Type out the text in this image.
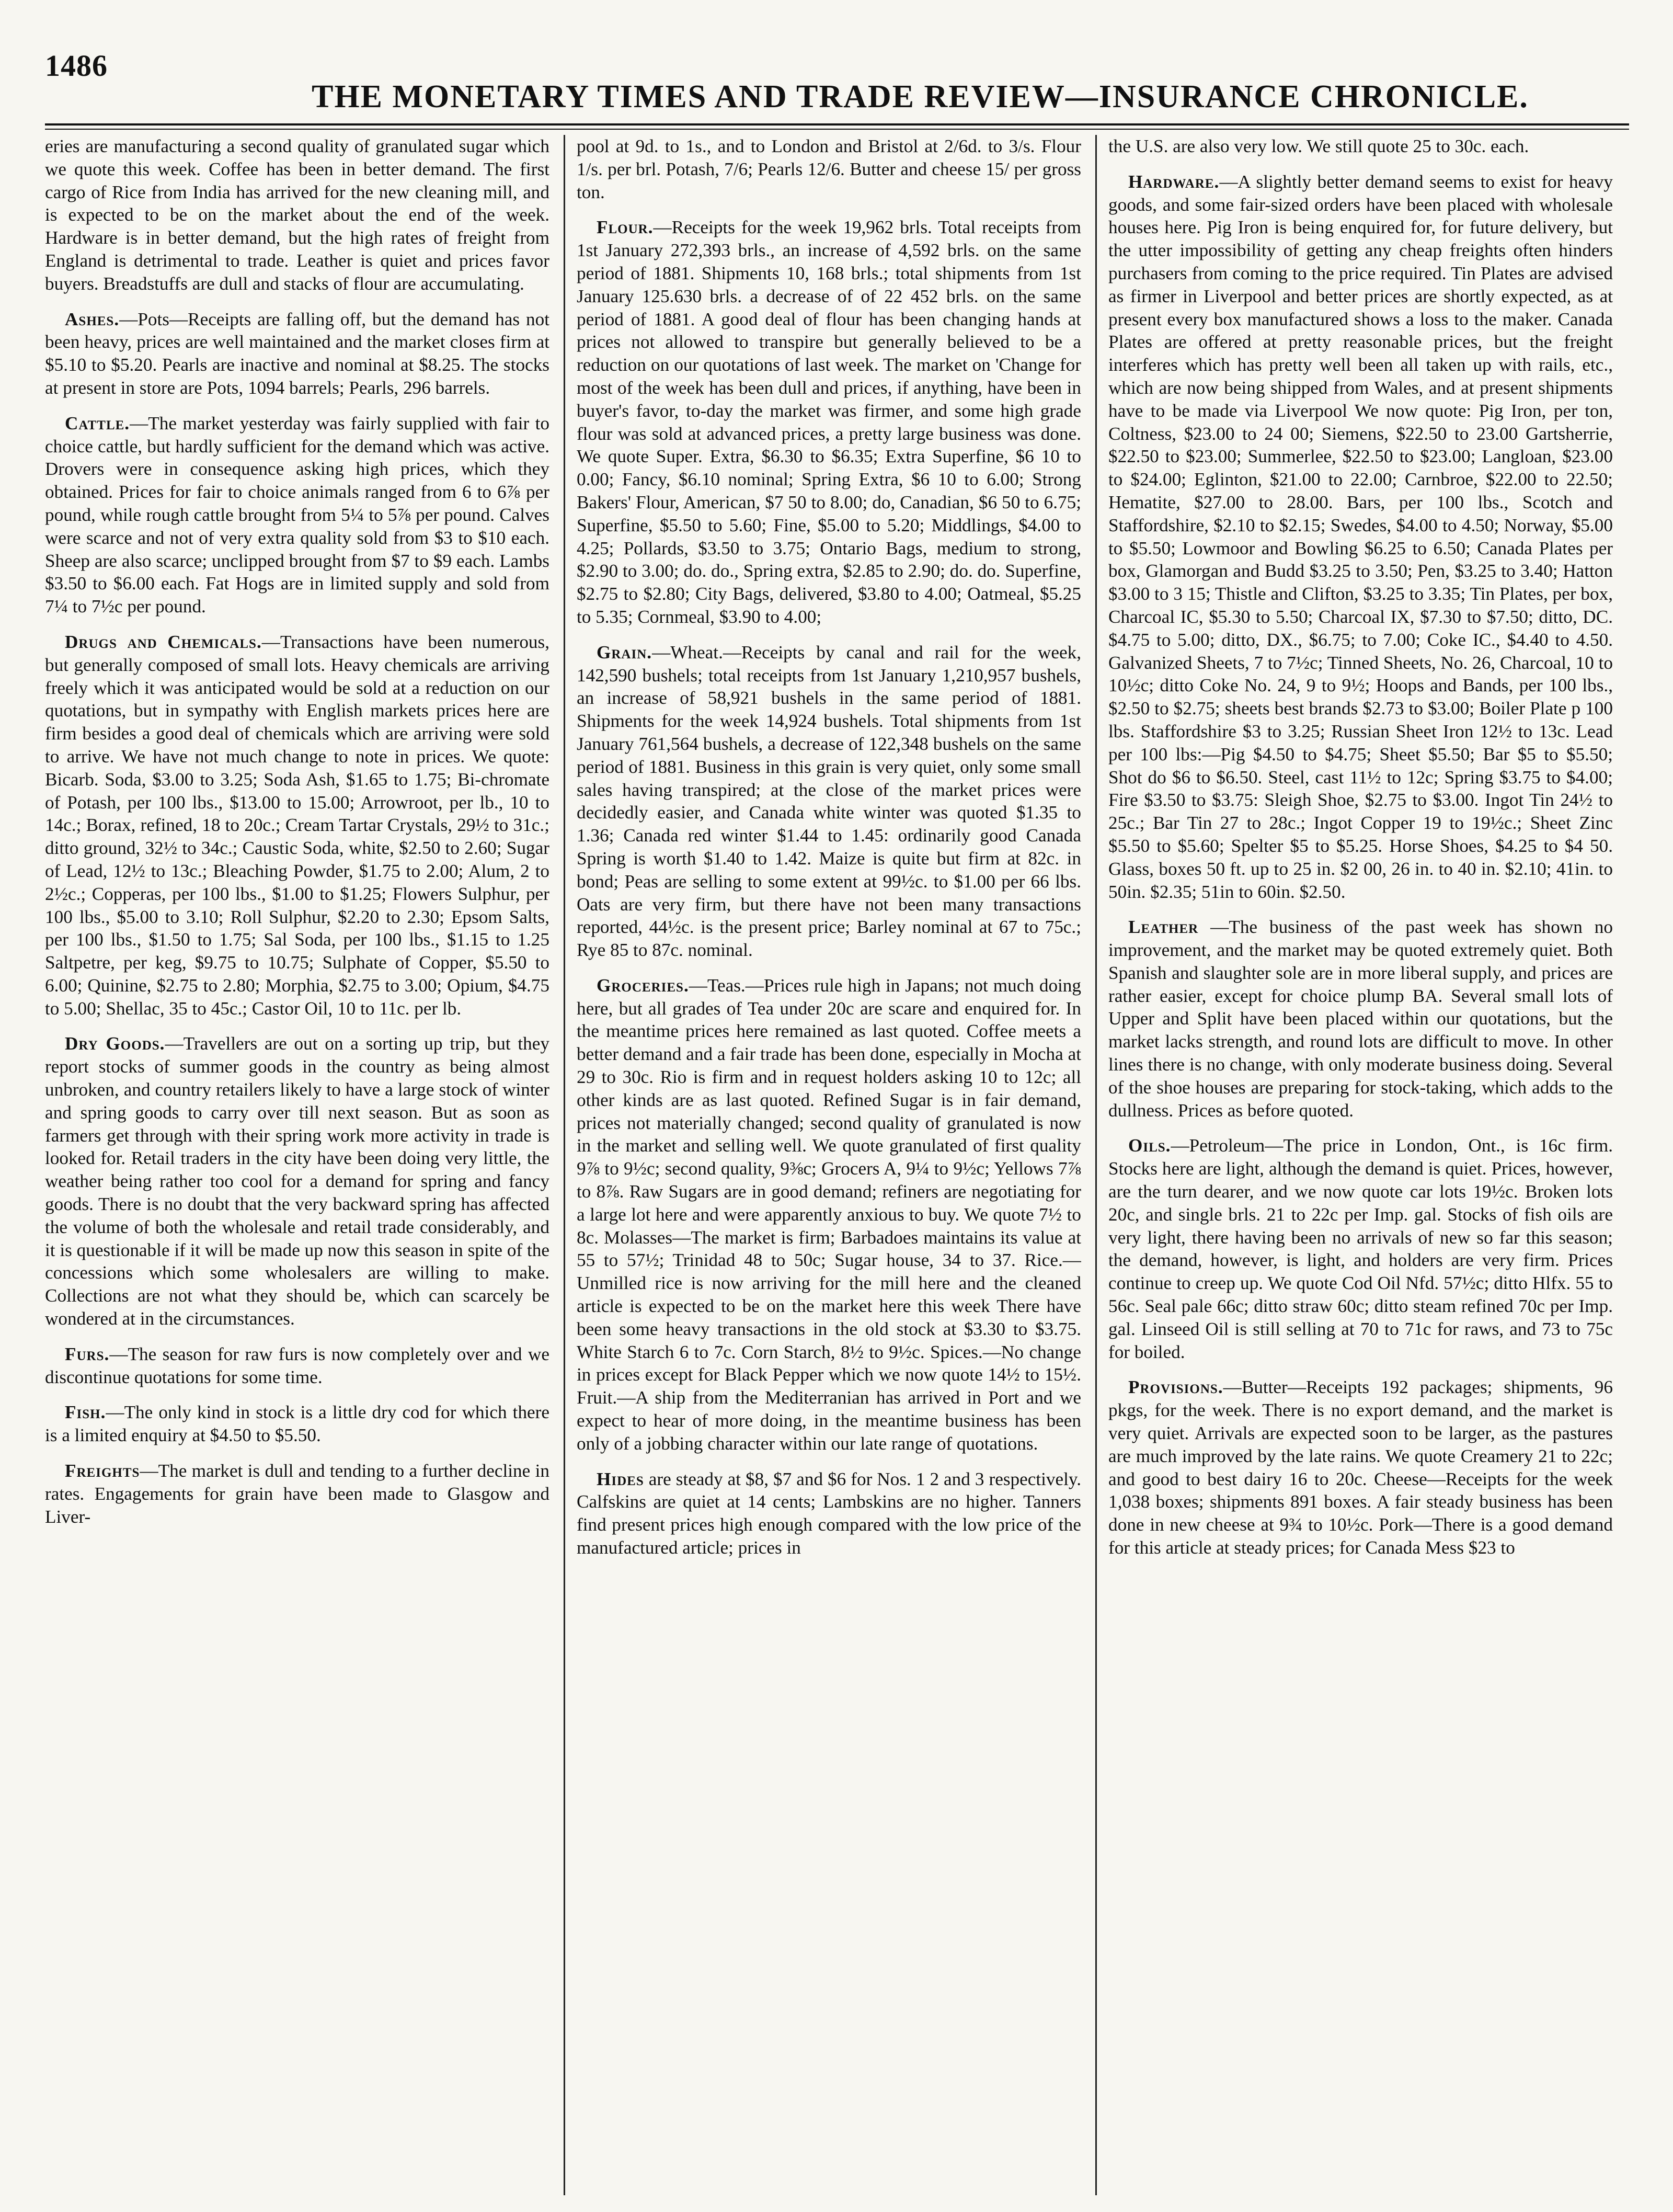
1486
THE MONETARY TIMES AND TRADE REVIEW—INSURANCE CHRONICLE.

eries are manufacturing a second quality of granulated sugar which we quote this week. Coffee has been in better demand. The first cargo of Rice from India has arrived for the new cleaning mill, and is expected to be on the market about the end of the week. Hardware is in better demand, but the high rates of freight from England is detrimental to trade. Leather is quiet and prices favor buyers. Breadstuffs are dull and stacks of flour are accumulating.

Ashes.—Pots—Receipts are falling off, but the demand has not been heavy, prices are well maintained and the market closes firm at $5.10 to $5.20. Pearls are inactive and nominal at $8.25. The stocks at present in store are Pots, 1094 barrels; Pearls, 296 barrels.

Cattle.—The market yesterday was fairly supplied with fair to choice cattle, but hardly sufficient for the demand which was active. Drovers were in consequence asking high prices, which they obtained. Prices for fair to choice animals ranged from 6 to 6⅞ per pound, while rough cattle brought from 5¼ to 5⅞ per pound. Calves were scarce and not of very extra quality sold from $3 to $10 each. Sheep are also scarce; unclipped brought from $7 to $9 each. Lambs $3.50 to $6.00 each. Fat Hogs are in limited supply and sold from 7¼ to 7½c per pound.

Drugs and Chemicals.—Transactions have been numerous, but generally composed of small lots. Heavy chemicals are arriving freely which it was anticipated would be sold at a reduction on our quotations, but in sympathy with English markets prices here are firm besides a good deal of chemicals which are arriving were sold to arrive. We have not much change to note in prices. We quote: Bicarb. Soda, $3.00 to 3.25; Soda Ash, $1.65 to 1.75; Bi-chromate of Potash, per 100 lbs., $13.00 to 15.00; Arrowroot, per lb., 10 to 14c.; Borax, refined, 18 to 20c.; Cream Tartar Crystals, 29½ to 31c.; ditto ground, 32½ to 34c.; Caustic Soda, white, $2.50 to 2.60; Sugar of Lead, 12½ to 13c.; Bleaching Powder, $1.75 to 2.00; Alum, 2 to 2½c.; Copperas, per 100 lbs., $1.00 to $1.25; Flowers Sulphur, per 100 lbs., $5.00 to 3.10; Roll Sulphur, $2.20 to 2.30; Epsom Salts, per 100 lbs., $1.50 to 1.75; Sal Soda, per 100 lbs., $1.15 to 1.25 Saltpetre, per keg, $9.75 to 10.75; Sulphate of Copper, $5.50 to 6.00; Quinine, $2.75 to 2.80; Morphia, $2.75 to 3.00; Opium, $4.75 to 5.00; Shellac, 35 to 45c.; Castor Oil, 10 to 11c. per lb.

Dry Goods.—Travellers are out on a sorting up trip, but they report stocks of summer goods in the country as being almost unbroken, and country retailers likely to have a large stock of winter and spring goods to carry over till next season. But as soon as farmers get through with their spring work more activity in trade is looked for. Retail traders in the city have been doing very little, the weather being rather too cool for a demand for spring and fancy goods. There is no doubt that the very backward spring has affected the volume of both the wholesale and retail trade considerably, and it is questionable if it will be made up now this season in spite of the concessions which some wholesalers are willing to make. Collections are not what they should be, which can scarcely be wondered at in the circumstances.

Furs.—The season for raw furs is now completely over and we discontinue quotations for some time.

Fish.—The only kind in stock is a little dry cod for which there is a limited enquiry at $4.50 to $5.50.

Freights—The market is dull and tending to a further decline in rates. Engagements for grain have been made to Glasgow and Liver-

pool at 9d. to 1s., and to London and Bristol at 2/6d. to 3/s. Flour 1/s. per brl. Potash, 7/6; Pearls 12/6. Butter and cheese 15/ per gross ton.

Flour.—Receipts for the week 19,962 brls. Total receipts from 1st January 272,393 brls., an increase of 4,592 brls. on the same period of 1881. Shipments 10, 168 brls.; total shipments from 1st January 125.630 brls. a decrease of of 22 452 brls. on the same period of 1881. A good deal of flour has been changing hands at prices not allowed to transpire but generally believed to be a reduction on our quotations of last week. The market on 'Change for most of the week has been dull and prices, if anything, have been in buyer's favor, to-day the market was firmer, and some high grade flour was sold at advanced prices, a pretty large business was done. We quote Super. Extra, $6.30 to $6.35; Extra Superfine, $6 10 to 0.00; Fancy, $6.10 nominal; Spring Extra, $6 10 to 6.00; Strong Bakers' Flour, American, $7 50 to 8.00; do, Canadian, $6 50 to 6.75; Superfine, $5.50 to 5.60; Fine, $5.00 to 5.20; Middlings, $4.00 to 4.25; Pollards, $3.50 to 3.75; Ontario Bags, medium to strong, $2.90 to 3.00; do. do., Spring extra, $2.85 to 2.90; do. do. Superfine, $2.75 to $2.80; City Bags, delivered, $3.80 to 4.00; Oatmeal, $5.25 to 5.35; Cornmeal, $3.90 to 4.00;

Grain.—Wheat.—Receipts by canal and rail for the week, 142,590 bushels; total receipts from 1st January 1,210,957 bushels, an increase of 58,921 bushels in the same period of 1881. Shipments for the week 14,924 bushels. Total shipments from 1st January 761,564 bushels, a decrease of 122,348 bushels on the same period of 1881. Business in this grain is very quiet, only some small sales having transpired; at the close of the market prices were decidedly easier, and Canada white winter was quoted $1.35 to 1.36; Canada red winter $1.44 to 1.45: ordinarily good Canada Spring is worth $1.40 to 1.42. Maize is quite but firm at 82c. in bond; Peas are selling to some extent at 99½c. to $1.00 per 66 lbs. Oats are very firm, but there have not been many transactions reported, 44½c. is the present price; Barley nominal at 67 to 75c.; Rye 85 to 87c. nominal.

Groceries.—Teas.—Prices rule high in Japans; not much doing here, but all grades of Tea under 20c are scare and enquired for. In the meantime prices here remained as last quoted. Coffee meets a better demand and a fair trade has been done, especially in Mocha at 29 to 30c. Rio is firm and in request holders asking 10 to 12c; all other kinds are as last quoted. Refined Sugar is in fair demand, prices not materially changed; second quality of granulated is now in the market and selling well. We quote granulated of first quality 9⅞ to 9½c; second quality, 9⅜c; Grocers A, 9¼ to 9½c; Yellows 7⅞ to 8⅞. Raw Sugars are in good demand; refiners are negotiating for a large lot here and were apparently anxious to buy. We quote 7½ to 8c. Molasses—The market is firm; Barbadoes maintains its value at 55 to 57½; Trinidad 48 to 50c; Sugar house, 34 to 37. Rice.—Unmilled rice is now arriving for the mill here and the cleaned article is expected to be on the market here this week There have been some heavy transactions in the old stock at $3.30 to $3.75. White Starch 6 to 7c. Corn Starch, 8½ to 9½c. Spices.—No change in prices except for Black Pepper which we now quote 14½ to 15½. Fruit.—A ship from the Mediterranian has arrived in Port and we expect to hear of more doing, in the meantime business has been only of a jobbing character within our late range of quotations.

Hides are steady at $8, $7 and $6 for Nos. 1 2 and 3 respectively. Calfskins are quiet at 14 cents; Lambskins are no higher. Tanners find present prices high enough compared with the low price of the manufactured article; prices in

the U.S. are also very low. We still quote 25 to 30c. each.

Hardware.—A slightly better demand seems to exist for heavy goods, and some fair-sized orders have been placed with wholesale houses here. Pig Iron is being enquired for, for future delivery, but the utter impossibility of getting any cheap freights often hinders purchasers from coming to the price required. Tin Plates are advised as firmer in Liverpool and better prices are shortly expected, as at present every box manufactured shows a loss to the maker. Canada Plates are offered at pretty reasonable prices, but the freight interferes which has pretty well been all taken up with rails, etc., which are now being shipped from Wales, and at present shipments have to be made via Liverpool We now quote: Pig Iron, per ton, Coltness, $23.00 to 24 00; Siemens, $22.50 to 23.00 Gartsherrie, $22.50 to $23.00; Summerlee, $22.50 to $23.00; Langloan, $23.00 to $24.00; Eglinton, $21.00 to 22.00; Carnbroe, $22.00 to 22.50; Hematite, $27.00 to 28.00. Bars, per 100 lbs., Scotch and Staffordshire, $2.10 to $2.15; Swedes, $4.00 to 4.50; Norway, $5.00 to $5.50; Lowmoor and Bowling $6.25 to 6.50; Canada Plates per box, Glamorgan and Budd $3.25 to 3.50; Pen, $3.25 to 3.40; Hatton $3.00 to 3 15; Thistle and Clifton, $3.25 to 3.35; Tin Plates, per box, Charcoal IC, $5.30 to 5.50; Charcoal IX, $7.30 to $7.50; ditto, DC. $4.75 to 5.00; ditto, DX., $6.75; to 7.00; Coke IC., $4.40 to 4.50. Galvanized Sheets, 7 to 7½c; Tinned Sheets, No. 26, Charcoal, 10 to 10½c; ditto Coke No. 24, 9 to 9½; Hoops and Bands, per 100 lbs., $2.50 to $2.75; sheets best brands $2.73 to $3.00; Boiler Plate p 100 lbs. Staffordshire $3 to 3.25; Russian Sheet Iron 12½ to 13c. Lead per 100 lbs:—Pig $4.50 to $4.75; Sheet $5.50; Bar $5 to $5.50; Shot do $6 to $6.50. Steel, cast 11½ to 12c; Spring $3.75 to $4.00; Fire $3.50 to $3.75: Sleigh Shoe, $2.75 to $3.00. Ingot Tin 24½ to 25c.; Bar Tin 27 to 28c.; Ingot Copper 19 to 19½c.; Sheet Zinc $5.50 to $5.60; Spelter $5 to $5.25. Horse Shoes, $4.25 to $4 50. Glass, boxes 50 ft. up to 25 in. $2 00, 26 in. to 40 in. $2.10; 41in. to 50in. $2.35; 51in to 60in. $2.50.

Leather —The business of the past week has shown no improvement, and the market may be quoted extremely quiet. Both Spanish and slaughter sole are in more liberal supply, and prices are rather easier, except for choice plump BA. Several small lots of Upper and Split have been placed within our quotations, but the market lacks strength, and round lots are difficult to move. In other lines there is no change, with only moderate business doing. Several of the shoe houses are preparing for stock-taking, which adds to the dullness. Prices as before quoted.

Oils.—Petroleum—The price in London, Ont., is 16c firm. Stocks here are light, although the demand is quiet. Prices, however, are the turn dearer, and we now quote car lots 19½c. Broken lots 20c, and single brls. 21 to 22c per Imp. gal. Stocks of fish oils are very light, there having been no arrivals of new so far this season; the demand, however, is light, and holders are very firm. Prices continue to creep up. We quote Cod Oil Nfd. 57½c; ditto Hlfx. 55 to 56c. Seal pale 66c; ditto straw 60c; ditto steam refined 70c per Imp. gal. Linseed Oil is still selling at 70 to 71c for raws, and 73 to 75c for boiled.

Provisions.—Butter—Receipts 192 packages; shipments, 96 pkgs, for the week. There is no export demand, and the market is very quiet. Arrivals are expected soon to be larger, as the pastures are much improved by the late rains. We quote Creamery 21 to 22c; and good to best dairy 16 to 20c. Cheese—Receipts for the week 1,038 boxes; shipments 891 boxes. A fair steady business has been done in new cheese at 9¾ to 10½c. Pork—There is a good demand for this article at steady prices; for Canada Mess $23 to
